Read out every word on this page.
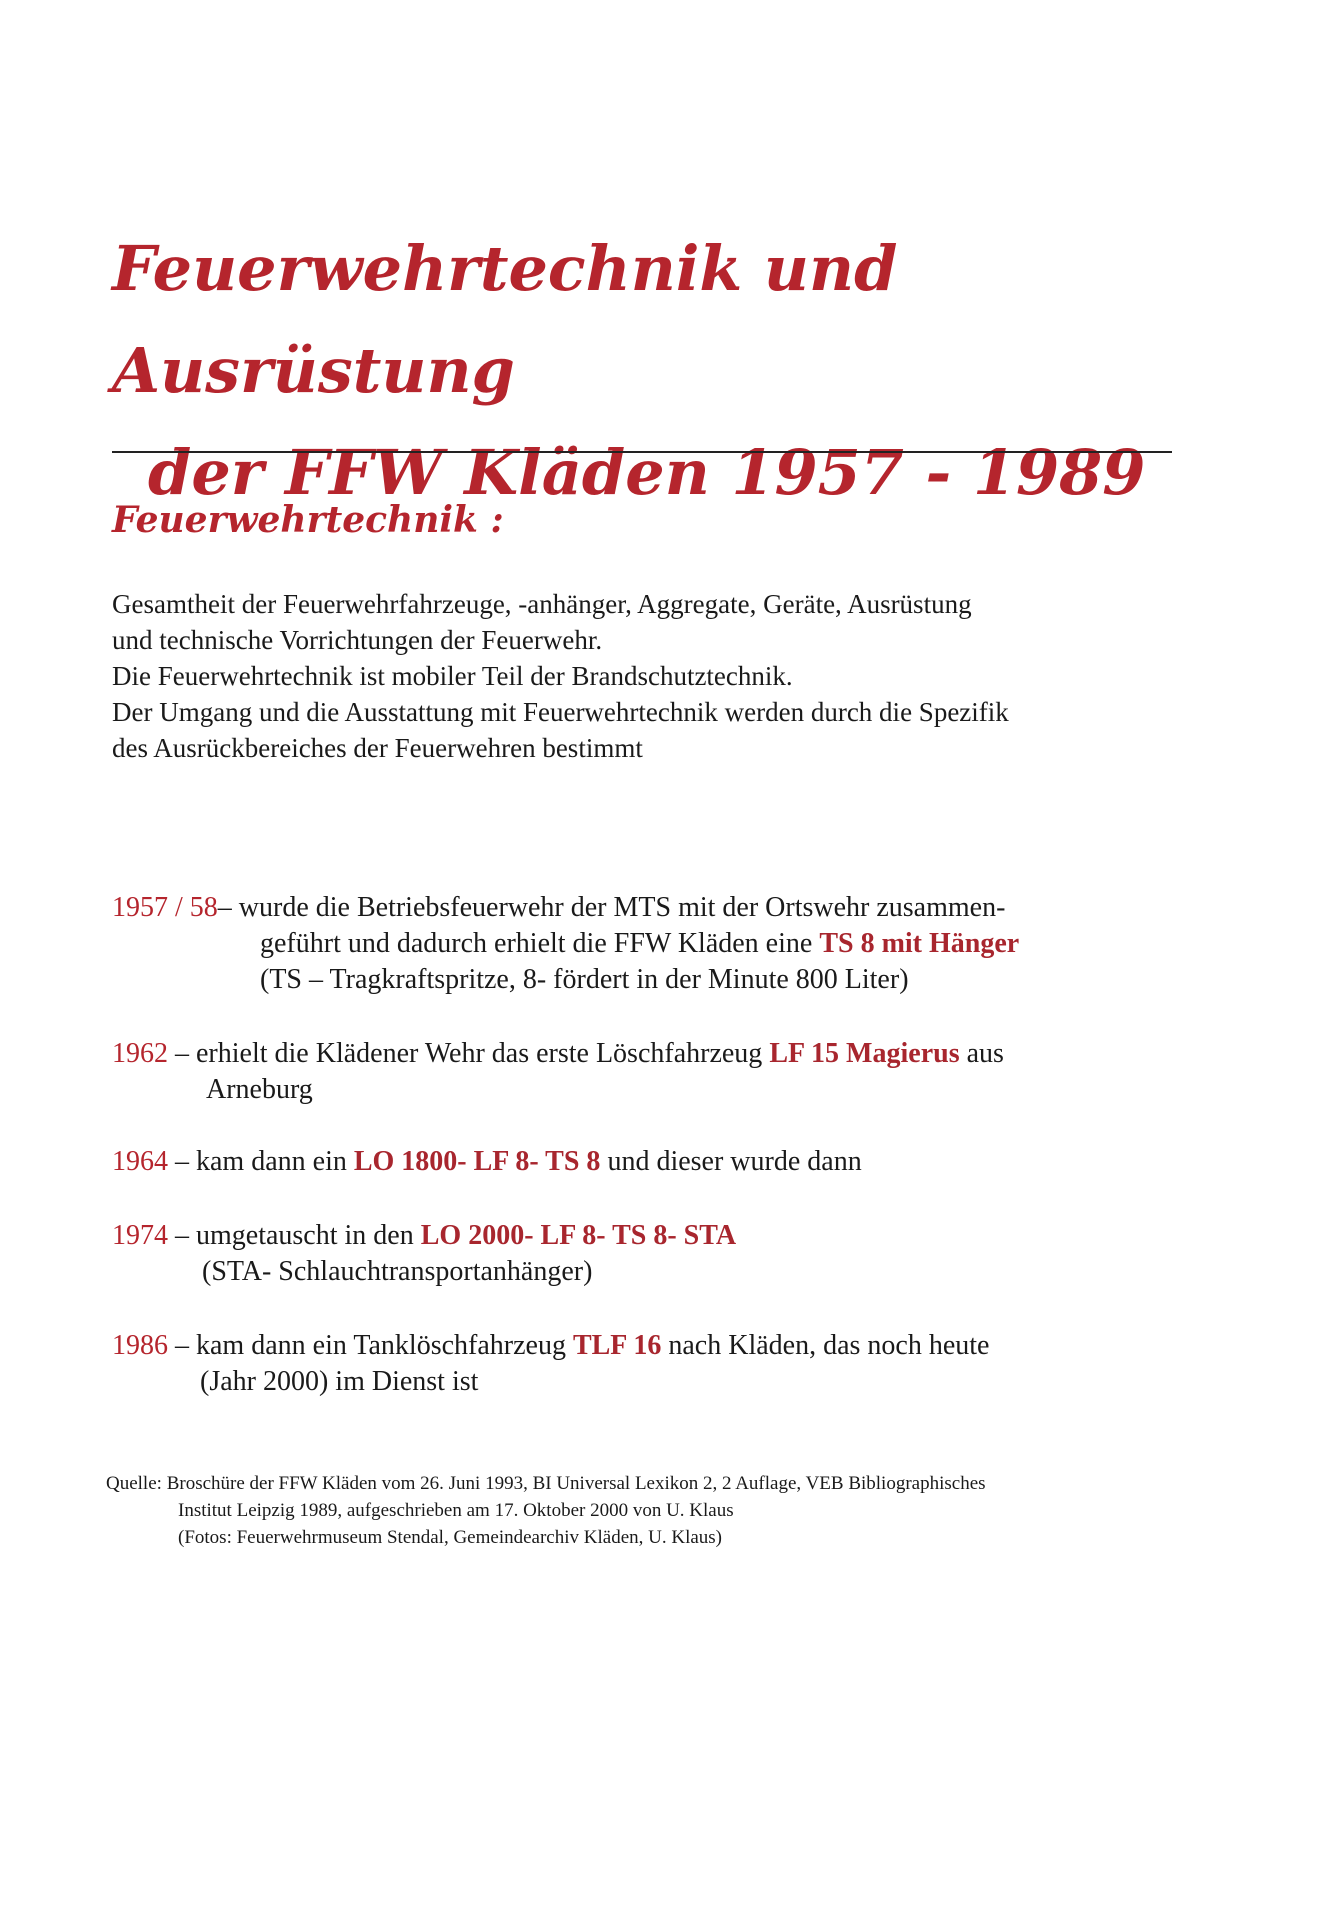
Feuerwehrtechnik und Ausrüstung
der FFW Kläden 1957 - 1989
Feuerwehrtechnik :

Gesamtheit der Feuerwehrfahrzeuge, -anhänger, Aggregate, Geräte, Ausrüstung

und technische Vorrichtungen der Feuerwehr.

Die Feuerwehrtechnik ist mobiler Teil der Brandschutztechnik.

Der Umgang und die Ausstattung mit Feuerwehrtechnik werden durch die Spezifik

des Ausrückbereiches der Feuerwehren bestimmt

1957 / 58– wurde die Betriebsfeuerwehr der MTS mit der Ortswehr zusammen-
geführt und dadurch erhielt die FFW Kläden eine TS 8 mit Hänger
(TS – Tragkraftspritze, 8- fördert in der Minute 800 Liter)
1962 – erhielt die Klädener Wehr das erste Löschfahrzeug LF 15 Magierus aus
Arneburg
1964 – kam dann ein LO 1800- LF 8- TS 8 und dieser wurde dann
1974 – umgetauscht in den LO 2000- LF 8- TS 8- STA
(STA- Schlauchtransportanhänger)
1986 – kam dann ein Tanklöschfahrzeug TLF 16 nach Kläden, das noch heute
(Jahr 2000) im Dienst ist
Quelle: Broschüre der FFW Kläden vom 26. Juni 1993, BI Universal Lexikon 2, 2 Auflage, VEB Bibliographisches
Institut Leipzig 1989, aufgeschrieben am 17. Oktober 2000 von U. Klaus
(Fotos: Feuerwehrmuseum Stendal, Gemeindearchiv Kläden, U. Klaus)
